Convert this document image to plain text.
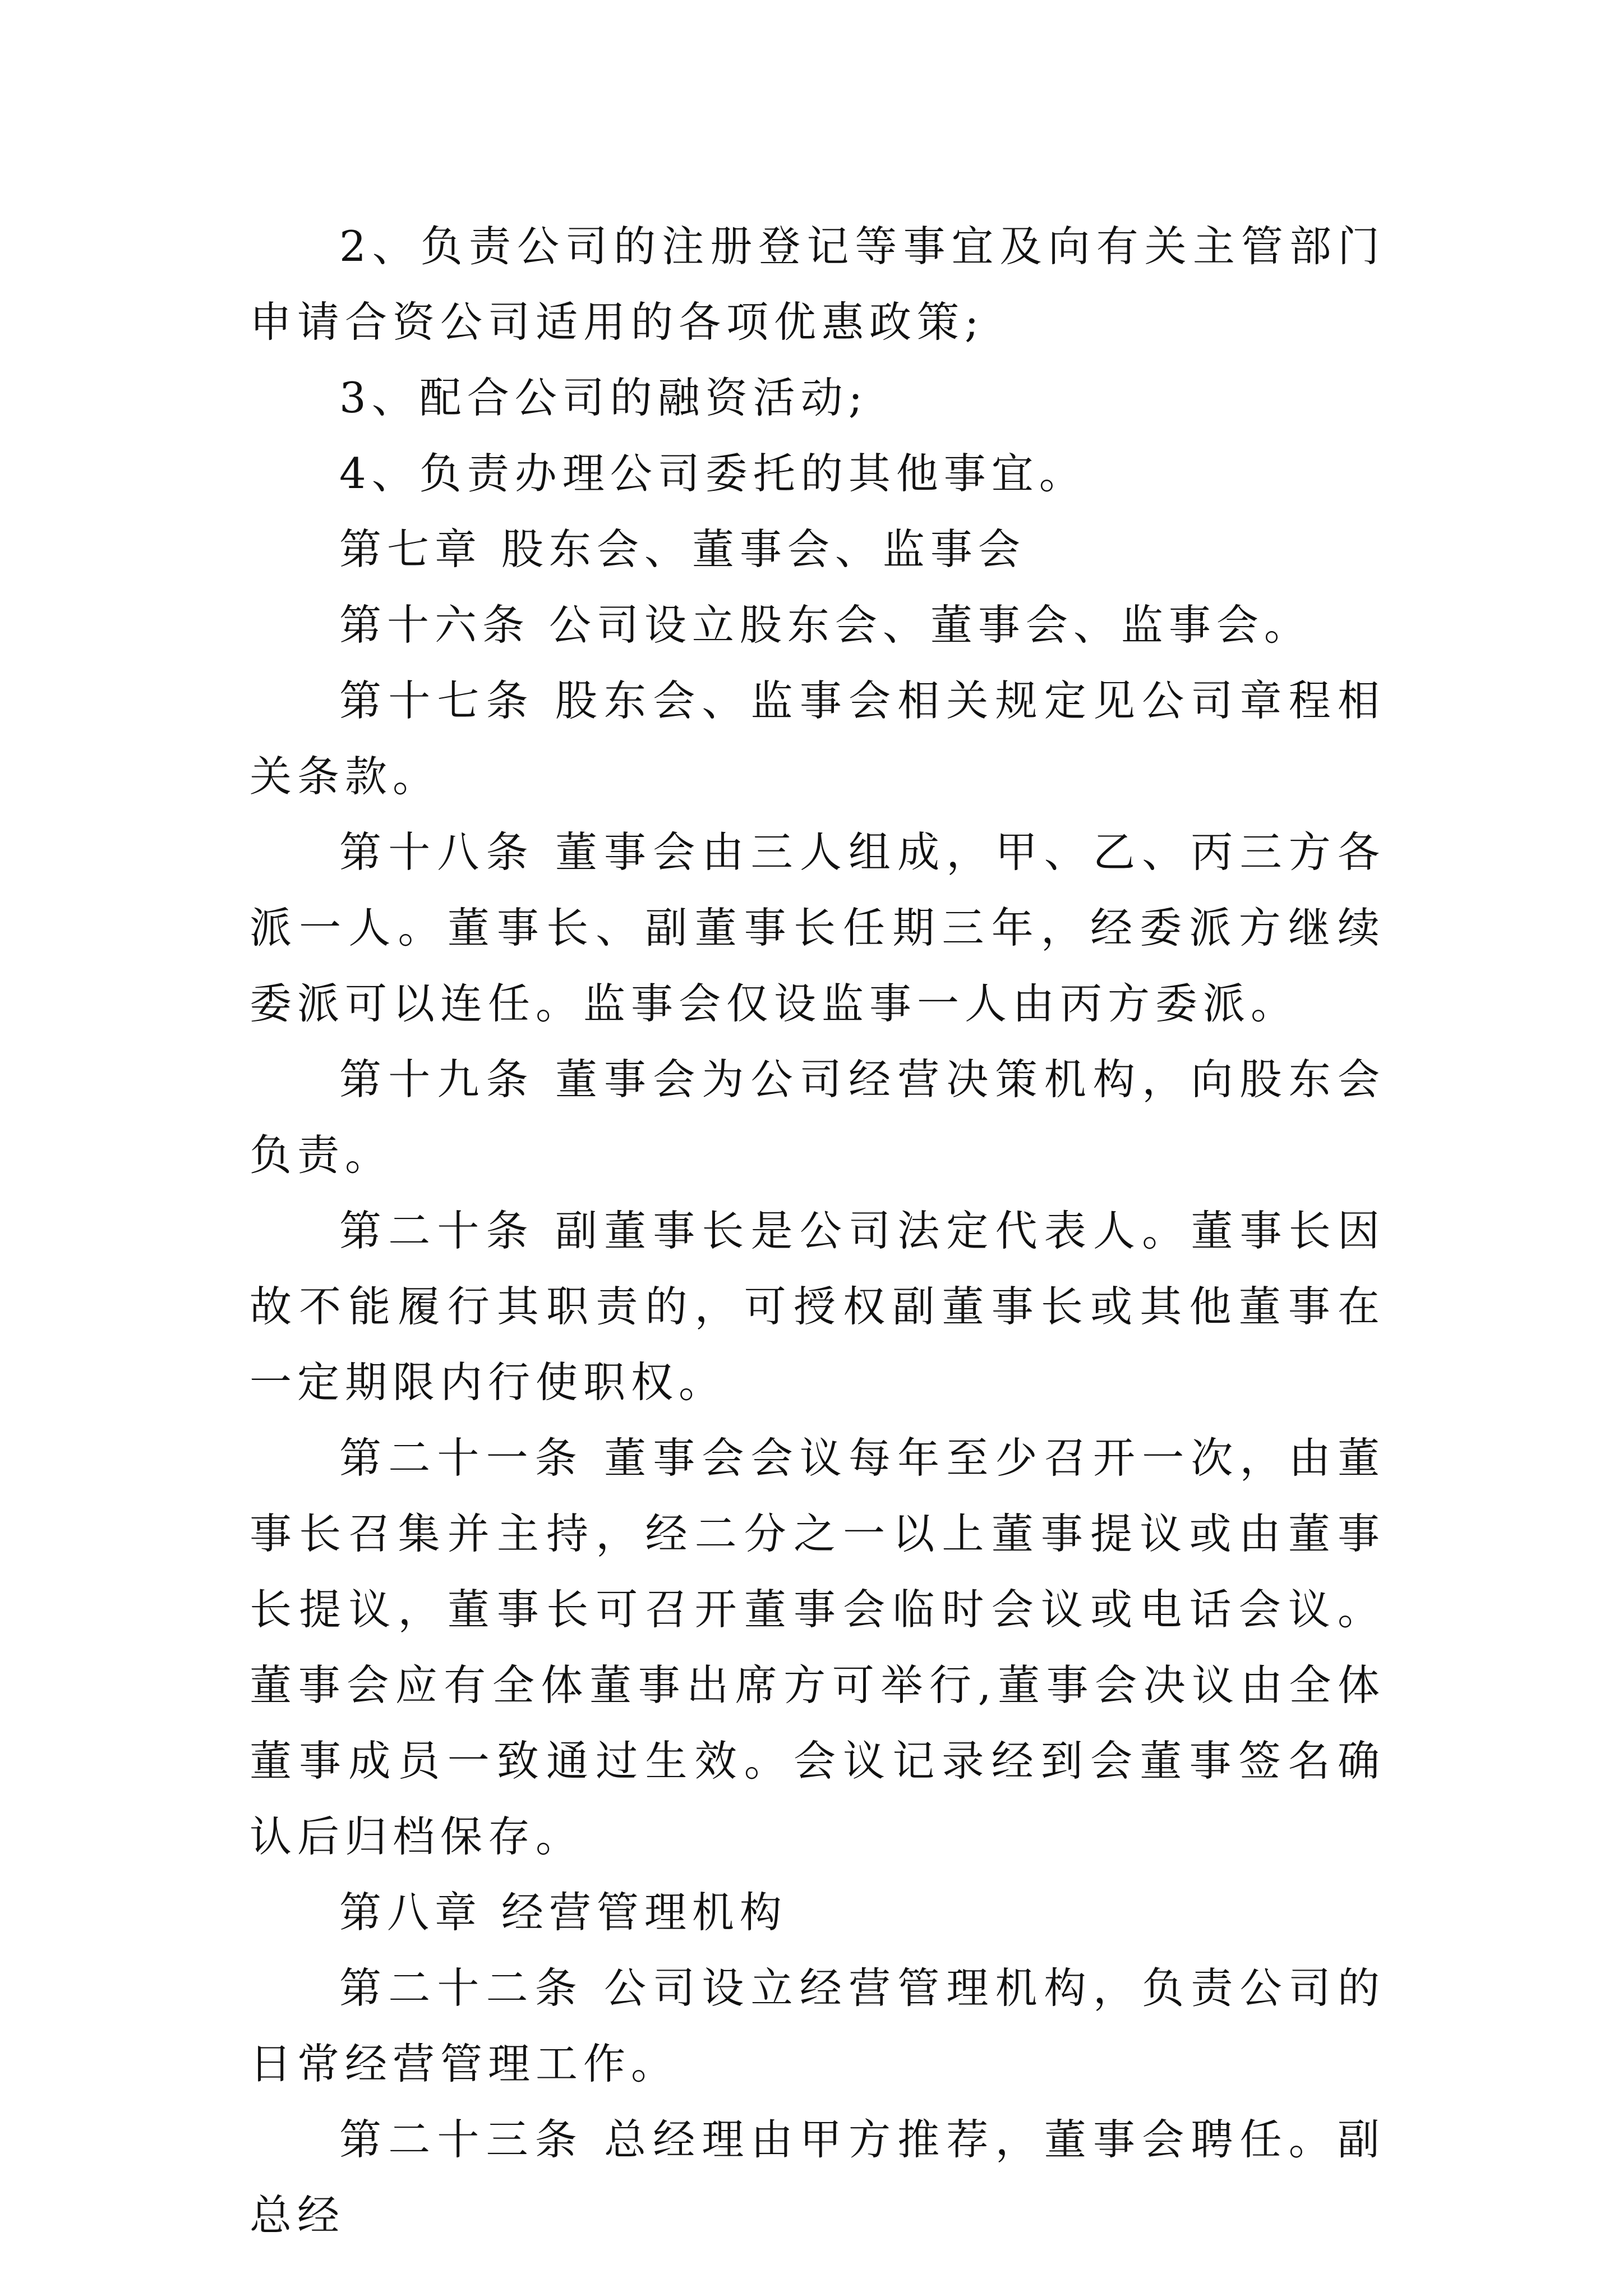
2、负责公司的注册登记等事宜及向有关主管部门申请合资公司适用的各项优惠政策;

3、配合公司的融资活动;

4、负责办理公司委托的其他事宜。

第七章 股东会、董事会、监事会

第十六条 公司设立股东会、董事会、监事会。

第十七条 股东会、监事会相关规定见公司章程相关条款。

第十八条 董事会由三人组成，甲、乙、丙三方各派一人。董事长、副董事长任期三年，经委派方继续委派可以连任。监事会仅设监事一人由丙方委派。

第十九条 董事会为公司经营决策机构，向股东会负责。

第二十条 副董事长是公司法定代表人。董事长因故不能履行其职责的，可授权副董事长或其他董事在一定期限内行使职权。

第二十一条 董事会会议每年至少召开一次，由董事长召集并主持，经二分之一以上董事提议或由董事长提议，董事长可召开董事会临时会议或电话会议。董事会应有全体董事出席方可举行,董事会决议由全体董事成员一致通过生效。会议记录经到会董事签名确认后归档保存。

第八章 经营管理机构

第二十二条 公司设立经营管理机构，负责公司的日常经营管理工作。

第二十三条 总经理由甲方推荐，董事会聘任。副总经
